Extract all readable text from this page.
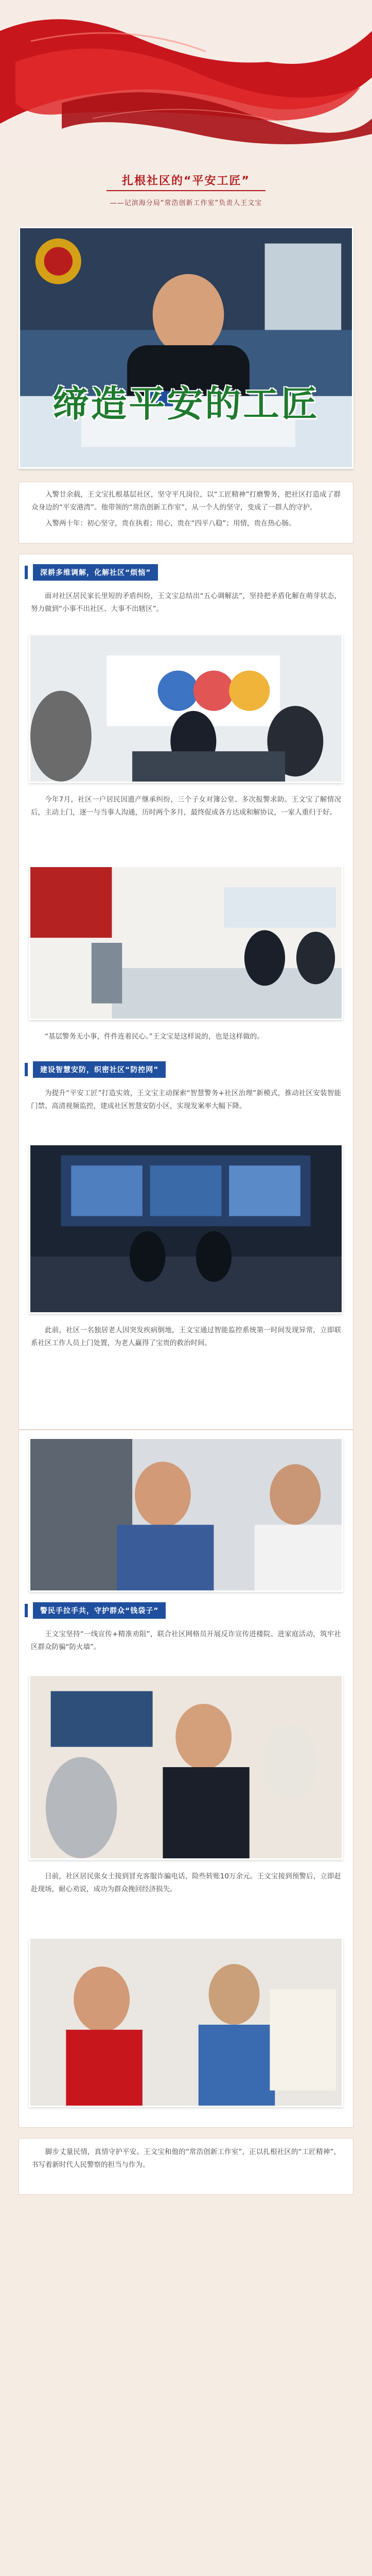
扎根社区的“平安工匠”
——记滨海分局“常浩创新工作室”负责人王文宝
缔造平安的工匠

入警廿余载，王文宝扎根基层社区，坚守平凡岗位，以“工匠精神”打磨警务，把社区打造成了群众身边的“平安港湾”。他带领的“常浩创新工作室”，从一个人的坚守，变成了一群人的守护。

入警两十年：初心坚守，贵在执着；用心，贵在“四平八稳”；用情，贵在热心肠。

深耕多维调解，化解社区“烦恼”

面对社区居民家长里短的矛盾纠纷，王文宝总结出“五心调解法”，坚持把矛盾化解在萌芽状态，努力做到“小事不出社区、大事不出辖区”。

今年7月，社区一户居民因遗产继承纠纷，三个子女对簿公堂、多次报警求助。王文宝了解情况后，主动上门，逐一与当事人沟通，历时两个多月，最终促成各方达成和解协议，一家人重归于好。

“基层警务无小事，件件连着民心。”王文宝是这样说的，也是这样做的。

建设智慧安防，织密社区“防控网”

为提升“平安工匠”打造实效，王文宝主动探索“智慧警务+社区治理”新模式，推动社区安装智能门禁、高清视频监控，建成社区智慧安防小区，实现发案率大幅下降。

此前，社区一名独居老人因突发疾病倒地，王文宝通过智能监控系统第一时间发现异常，立即联系社区工作人员上门处置，为老人赢得了宝贵的救治时间。

警民手拉手共，守护群众“钱袋子”

王文宝坚持“一线宣传+精准劝阻”，联合社区网格员开展反诈宣传进楼院、进家庭活动，筑牢社区群众防骗“防火墙”。

日前，社区居民张女士接到冒充客服诈骗电话，险些转账10万余元。王文宝接到预警后，立即赶赴现场，耐心劝说，成功为群众挽回经济损失。

脚步丈量民情，真情守护平安。王文宝和他的“常浩创新工作室”，正以扎根社区的“工匠精神”，书写着新时代人民警察的担当与作为。
